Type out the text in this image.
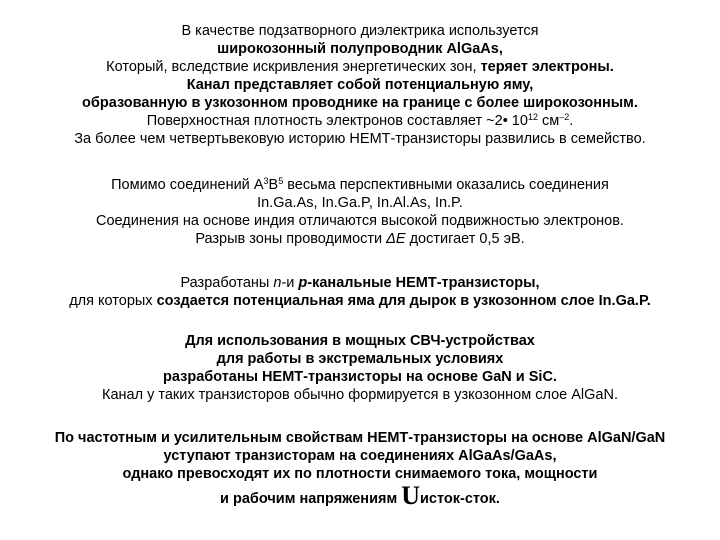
В качестве подзатворного диэлектрика используется
широкозонный полупроводник AlGaAs,
Который, вследствие искривления энергетических зон, теряет электроны.
Канал представляет собой потенциальную яму,
образованную в узкозонном проводнике на границе с более широкозонным.
Поверхностная плотность электронов составляет ~2• $10^{12}$ $см^{-2}$.
За более чем четвертьвековую историю НЕМТ-транзисторы развились в семейство.
Помимо соединений $A^3B^5$ весьма перспективными оказались соединения
In.Ga.As, In.Ga.P, In.Al.As, In.P.
Соединения на основе индия отличаются высокой подвижностью электронов.
Разрыв зоны проводимости ΔE достигает 0,5 эВ.
Разработаны n-и p-канальные НЕМТ-транзисторы,
для которых создается потенциальная яма для дырок в узкозонном слое In.Ga.P.
Для использования в мощных СВЧ-устройствах
для работы в экстремальных условиях
разработаны НЕМТ-транзисторы на основе GaN и SiC.
Канал у таких транзисторов обычно формируется в узкозонном слое AlGaN.
По частотным и усилительным свойствам НЕМТ-транзисторы на основе AlGaN/GaN
уступают транзисторам на соединениях AlGaAs/GaAs,
однако превосходят их по плотности снимаемого тока, мощности
и рабочим напряжениям Uисток-сток.
